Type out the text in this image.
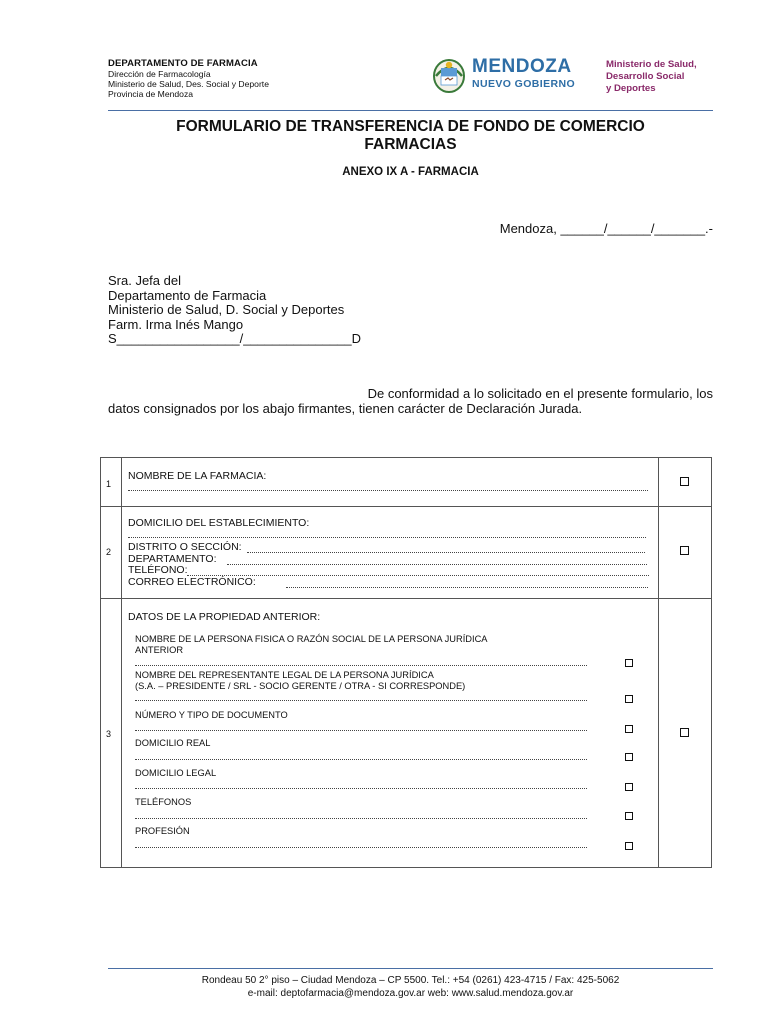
DEPARTAMENTO DE FARMACIA
Dirección de Farmacología
Ministerio de Salud, Des. Social y Deporte
Provincia de Mendoza
MENDOZA
NUEVO GOBIERNO
Ministerio de Salud,
Desarrollo Social
y Deportes
FORMULARIO DE TRANSFERENCIA DE FONDO DE COMERCIO
FARMACIAS
ANEXO IX A - FARMACIA
Mendoza, ______/______/_______.-
Sra. Jefa del
Departamento de Farmacia
Ministerio de Salud, D. Social y Deportes
Farm. Irma Inés Mango
S_________________/_______________D
De conformidad a lo solicitado en el presente formulario, los
datos consignados por los abajo firmantes, tienen carácter de Declaración Jurada.
1
NOMBRE DE LA FARMACIA:
2
DOMICILIO DEL ESTABLECIMIENTO:
DISTRITO O SECCIÓN:
DEPARTAMENTO:
TELÉFONO:
CORREO ELECTRÓNICO:
3
DATOS DE LA PROPIEDAD ANTERIOR:
NOMBRE DE LA PERSONA FISICA O RAZÓN SOCIAL DE LA PERSONA JURÍDICA
ANTERIOR
NOMBRE DEL REPRESENTANTE LEGAL DE LA PERSONA JURÍDICA
(S.A. – PRESIDENTE / SRL - SOCIO GERENTE / OTRA - SI CORRESPONDE)
NÚMERO Y TIPO DE DOCUMENTO
DOMICILIO REAL
DOMICILIO LEGAL
TELÉFONOS
PROFESIÓN
Rondeau 50 2° piso – Ciudad Mendoza – CP 5500. Tel.: +54 (0261) 423-4715 / Fax: 425-5062
e-mail: deptofarmacia@mendoza.gov.ar web: www.salud.mendoza.gov.ar
